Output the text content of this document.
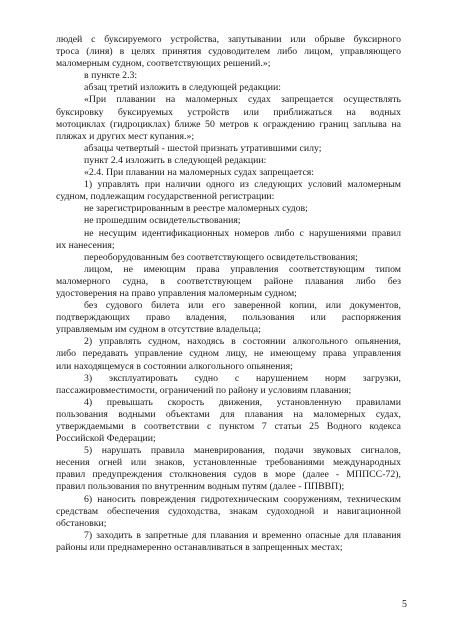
людей с буксируемого устройства, запутывании или обрыве буксирного
троса (линя) в целях принятия судоводителем либо лицом, управляющего
маломерным судном, соответствующих решений.»;
в пункте 2.3:
абзац третий изложить в следующей редакции:
«При плавании на маломерных судах запрещается осуществлять
буксировку буксируемых устройств или приближаться на водных
мотоциклах (гидроциклах) ближе 50 метров к ограждению границ заплыва на
пляжах и других мест купания.»;
абзацы четвертый - шестой признать утратившими силу;
пункт 2.4 изложить в следующей редакции:
«2.4. При плавании на маломерных судах запрещается:
1) управлять при наличии одного из следующих условий маломерным
судном, подлежащим государственной регистрации:
не зарегистрированным в реестре маломерных судов;
не прошедшим освидетельствования;
не несущим идентификационных номеров либо с нарушениями правил
их нанесения;
переоборудованным без соответствующего освидетельствования;
лицом, не имеющим права управления соответствующим типом
маломерного судна, в соответствующем районе плавания либо без
удостоверения на право управления маломерным судном;
без судового билета или его заверенной копии, или документов,
подтверждающих право владения, пользования или распоряжения
управляемым им судном в отсутствие владельца;
2) управлять судном, находясь в состоянии алкогольного опьянения,
либо передавать управление судном лицу, не имеющему права управления
или находящемуся в состоянии алкогольного опьянения;
3) эксплуатировать судно с нарушением норм загрузки,
пассажировместимости, ограничений по району и условиям плавания;
4) превышать скорость движения, установленную правилами
пользования водными объектами для плавания на маломерных судах,
утверждаемыми в соответствии с пунктом 7 статьи 25 Водного кодекса
Российской Федерации;
5) нарушать правила маневрирования, подачи звуковых сигналов,
несения огней или знаков, установленные требованиями международных
правил предупреждения столкновения судов в море (далее - МППСС-72),
правил пользования по внутренним водным путям (далее - ППВВП);
6) наносить повреждения гидротехническим сооружениям, техническим
средствам обеспечения судоходства, знакам судоходной и навигационной
обстановки;
7) заходить в запретные для плавания и временно опасные для плавания
районы или преднамеренно останавливаться в запрещенных местах;
5
